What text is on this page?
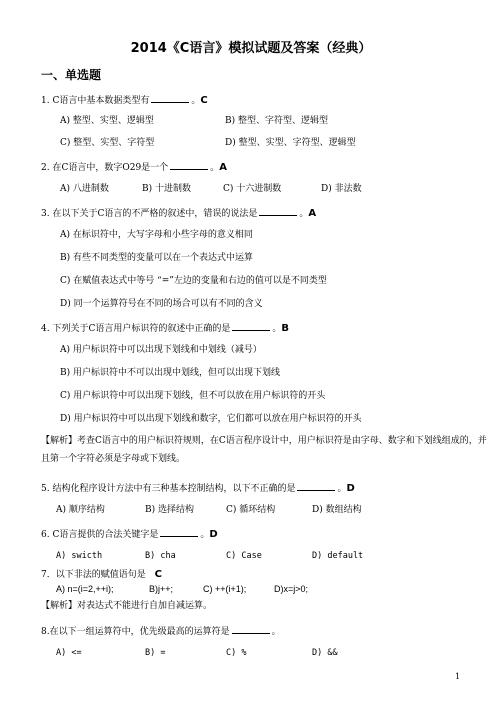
2014《C语言》模拟试题及答案（经典）
一、单选题
1. C语言中基本数据类型有	。C
A) 整型、实型、逻辑型	B) 整型、字符型、逻辑型
C) 整型、实型、字符型	D) 整型、实型、字符型、逻辑型
2. 在C语言中，数字O29是一个	。A
A) 八进制数	B) 十进制数	C) 十六进制数	D) 非法数
3. 在以下关于C语言的不严格的叙述中，错误的说法是	。A
A) 在标识符中，大写字母和小些字母的意义相同
B) 有些不同类型的变量可以在一个表达式中运算
C) 在赋值表达式中等号 “=”左边的变量和右边的值可以是不同类型
D) 同一个运算符号在不同的场合可以有不同的含义
4. 下列关于C语言用户标识符的叙述中正确的是	。B
A) 用户标识符中可以出现下划线和中划线（减号）
B) 用户标识符中不可以出现中划线，但可以出现下划线
C) 用户标识符中可以出现下划线，但不可以放在用户标识符的开头
D) 用户标识符中可以出现下划线和数字，它们都可以放在用户标识符的开头
【解析】考查C语言中的用户标识符规则，在C语言程序设计中，用户标识符是由字母、数字和下划线组成的，并且第一个字符必须是字母或下划线。
5. 结构化程序设计方法中有三种基本控制结构，以下不正确的是	。D
A) 顺序结构	B) 选择结构	C) 循环结构	D) 数组结构
6. C语言提供的合法关键字是	。D
A) swicth	B) cha	C) Case	D) default
7．以下非法的赋值语句是 C
A) n=(i=2,++i);	B)j++;	C) ++(i+1);	D)x=j>0;
【解析】对表达式不能进行自加自减运算。
8.在以下一组运算符中，优先级最高的运算符是	。
A) <=	B) =	C) %	D) &&
1
